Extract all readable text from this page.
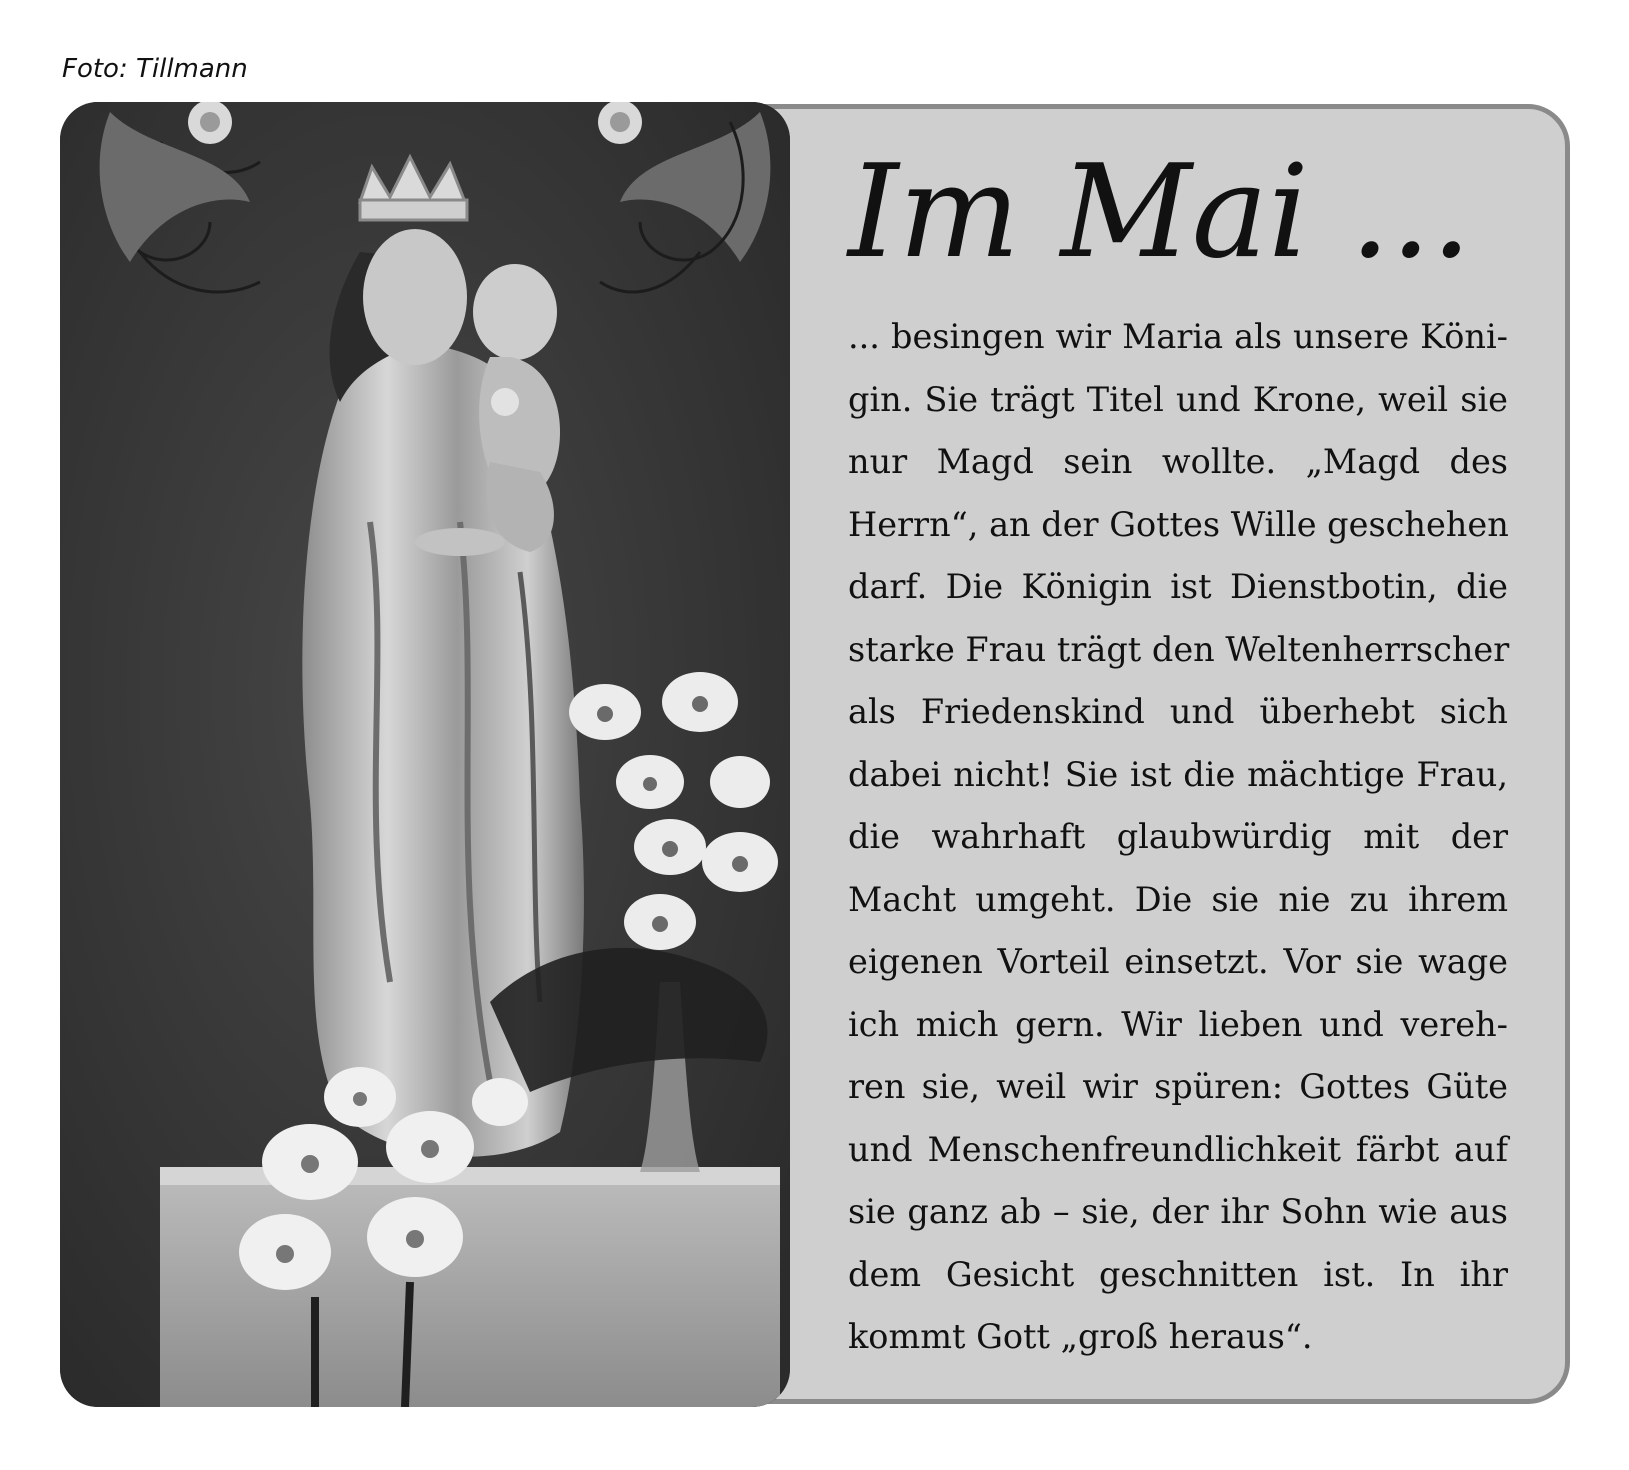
Foto: Tillmann
Im Mai ...

... besingen wir Maria als unsere Köni-
gin. Sie trägt Titel und Krone, weil sie
nur Magd sein wollte. „Magd des
Herrn“, an der Gottes Wille geschehen
darf. Die Königin ist Dienstbotin, die
starke Frau trägt den Weltenherrscher
als Friedenskind und überhebt sich
dabei nicht! Sie ist die mächtige Frau,
die wahrhaft glaubwürdig mit der
Macht umgeht. Die sie nie zu ihrem
eigenen Vorteil einsetzt. Vor sie wage
ich mich gern. Wir lieben und vereh-
ren sie, weil wir spüren: Gottes Güte
und Menschenfreundlichkeit färbt auf
sie ganz ab – sie, der ihr Sohn wie aus
dem Gesicht geschnitten ist. In ihr
kommt Gott „groß heraus“.
